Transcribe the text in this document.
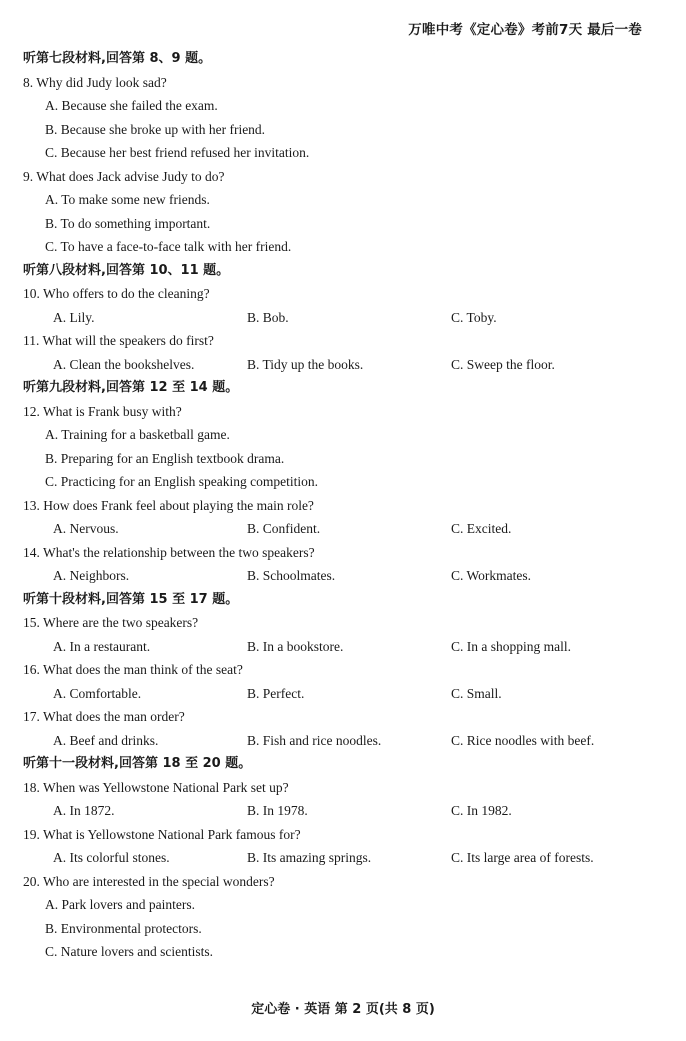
万唯中考《定心卷》考前7天 最后一卷
听第七段材料,回答第 8、9 题。
8. Why did Judy look sad?
A. Because she failed the exam.
B. Because she broke up with her friend.
C. Because her best friend refused her invitation.
9. What does Jack advise Judy to do?
A. To make some new friends.
B. To do something important.
C. To have a face-to-face talk with her friend.
听第八段材料,回答第 10、11 题。
10. Who offers to do the cleaning?
A. Lily.	B. Bob.	C. Toby.
11. What will the speakers do first?
A. Clean the bookshelves.	B. Tidy up the books.	C. Sweep the floor.
听第九段材料,回答第 12 至 14 题。
12. What is Frank busy with?
A. Training for a basketball game.
B. Preparing for an English textbook drama.
C. Practicing for an English speaking competition.
13. How does Frank feel about playing the main role?
A. Nervous.	B. Confident.	C. Excited.
14. What's the relationship between the two speakers?
A. Neighbors.	B. Schoolmates.	C. Workmates.
听第十段材料,回答第 15 至 17 题。
15. Where are the two speakers?
A. In a restaurant.	B. In a bookstore.	C. In a shopping mall.
16. What does the man think of the seat?
A. Comfortable.	B. Perfect.	C. Small.
17. What does the man order?
A. Beef and drinks.	B. Fish and rice noodles.	C. Rice noodles with beef.
听第十一段材料,回答第 18 至 20 题。
18. When was Yellowstone National Park set up?
A. In 1872.	B. In 1978.	C. In 1982.
19. What is Yellowstone National Park famous for?
A. Its colorful stones.	B. Its amazing springs.	C. Its large area of forests.
20. Who are interested in the special wonders?
A. Park lovers and painters.
B. Environmental protectors.
C. Nature lovers and scientists.
定心卷 · 英语 第 2 页(共 8 页)
